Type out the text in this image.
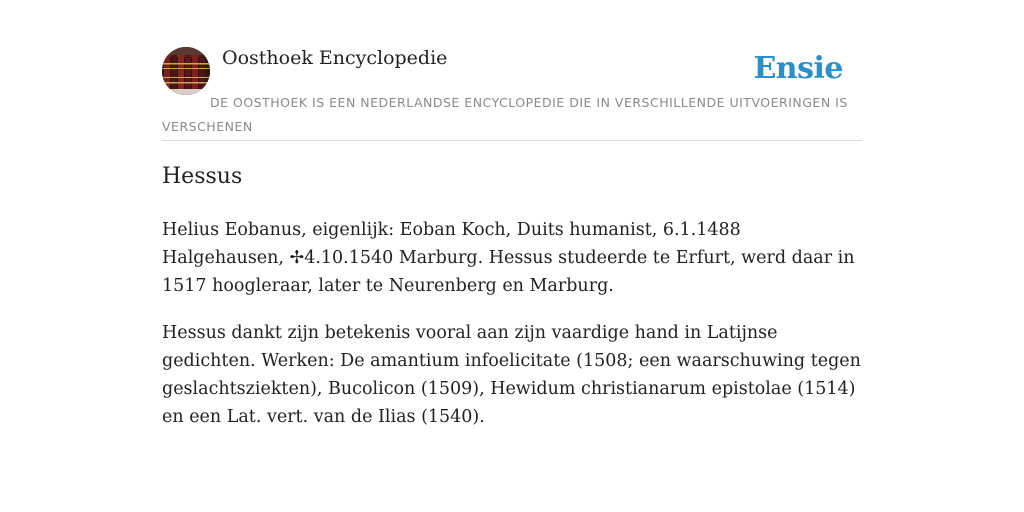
Oosthoek Encyclopedie	Ensie
DE OOSTHOEK IS EEN NEDERLANDSE ENCYCLOPEDIE DIE IN VERSCHILLENDE UITVOERINGEN IS VERSCHENEN
Hessus

Helius Eobanus, eigenlijk: Eoban Koch, Duits humanist, 6.1.1488 Halgehausen, ✢4.10.1540 Marburg. Hessus studeerde te Erfurt, werd daar in 1517 hoogleraar, later te Neurenberg en Marburg.

Hessus dankt zijn betekenis vooral aan zijn vaardige hand in Latijnse gedichten. Werken: De amantium infoelicitate (1508; een waarschuwing tegen geslachtsziekten), Bucolicon (1509), Hewidum christianarum epistolae (1514) en een Lat. vert. van de Ilias (1540).
